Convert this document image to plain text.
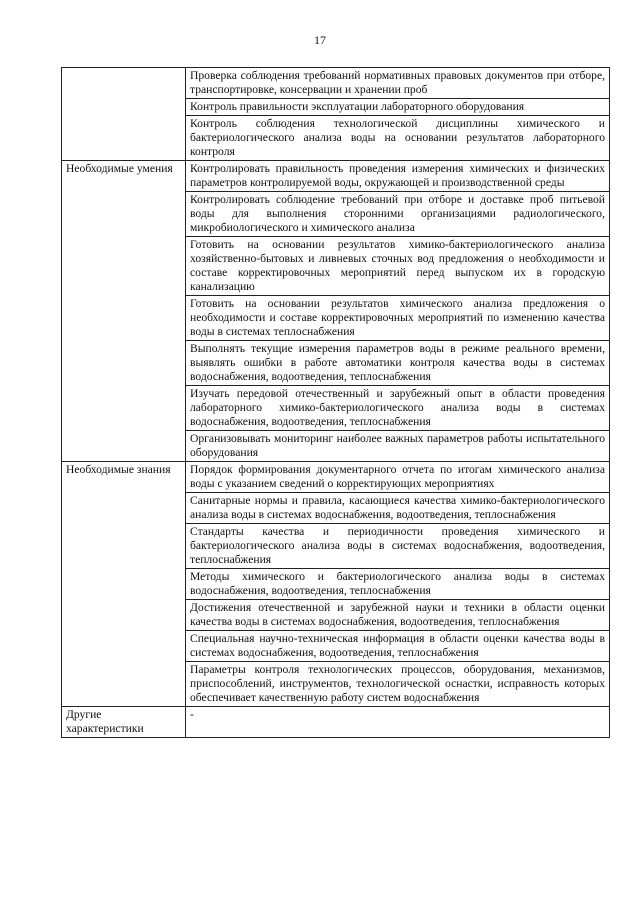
17
	Проверка соблюдения требований нормативных правовых документов при отборе, транспортировке, консервации и хранении проб
	Контроль правильности эксплуатации лабораторного оборудования
	Контроль соблюдения технологической дисциплины химического и бактериологического анализа воды на основании результатов лабораторного контроля
Необходимые умения	Контролировать правильность проведения измерения химических и физических параметров контролируемой воды, окружающей и производственной среды
	Контролировать соблюдение требований при отборе и доставке проб питьевой воды для выполнения сторонними организациями радиологического, микробиологического и химического анализа
	Готовить на основании результатов химико-бактериологического анализа хозяйственно-бытовых и ливневых сточных вод предложения о необходимости и составе корректировочных мероприятий перед выпуском их в городскую канализацию
	Готовить на основании результатов химического анализа предложения о необходимости и составе корректировочных мероприятий по изменению качества воды в системах теплоснабжения
	Выполнять текущие измерения параметров воды в режиме реального времени, выявлять ошибки в работе автоматики контроля качества воды в системах водоснабжения, водоотведения, теплоснабжения
	Изучать передовой отечественный и зарубежный опыт в области проведения лабораторного химико-бактериологического анализа воды в системах водоснабжения, водоотведения, теплоснабжения
	Организовывать мониторинг наиболее важных параметров работы испытательного оборудования
Необходимые знания	Порядок формирования документарного отчета по итогам химического анализа воды с указанием сведений о корректирующих мероприятиях
	Санитарные нормы и правила, касающиеся качества химико-бактериологического анализа воды в системах водоснабжения, водоотведения, теплоснабжения
	Стандарты качества и периодичности проведения химического и бактериологического анализа воды в системах водоснабжения, водоотведения, теплоснабжения
	Методы химического и бактериологического анализа воды в системах водоснабжения, водоотведения, теплоснабжения
	Достижения отечественной и зарубежной науки и техники в области оценки качества воды в системах водоснабжения, водоотведения, теплоснабжения
	Специальная научно-техническая информация в области оценки качества воды в системах водоснабжения, водоотведения, теплоснабжения
	Параметры контроля технологических процессов, оборудования, механизмов, приспособлений, инструментов, технологической оснастки, исправность которых обеспечивает качественную работу систем водоснабжения
Другие характеристики	-
